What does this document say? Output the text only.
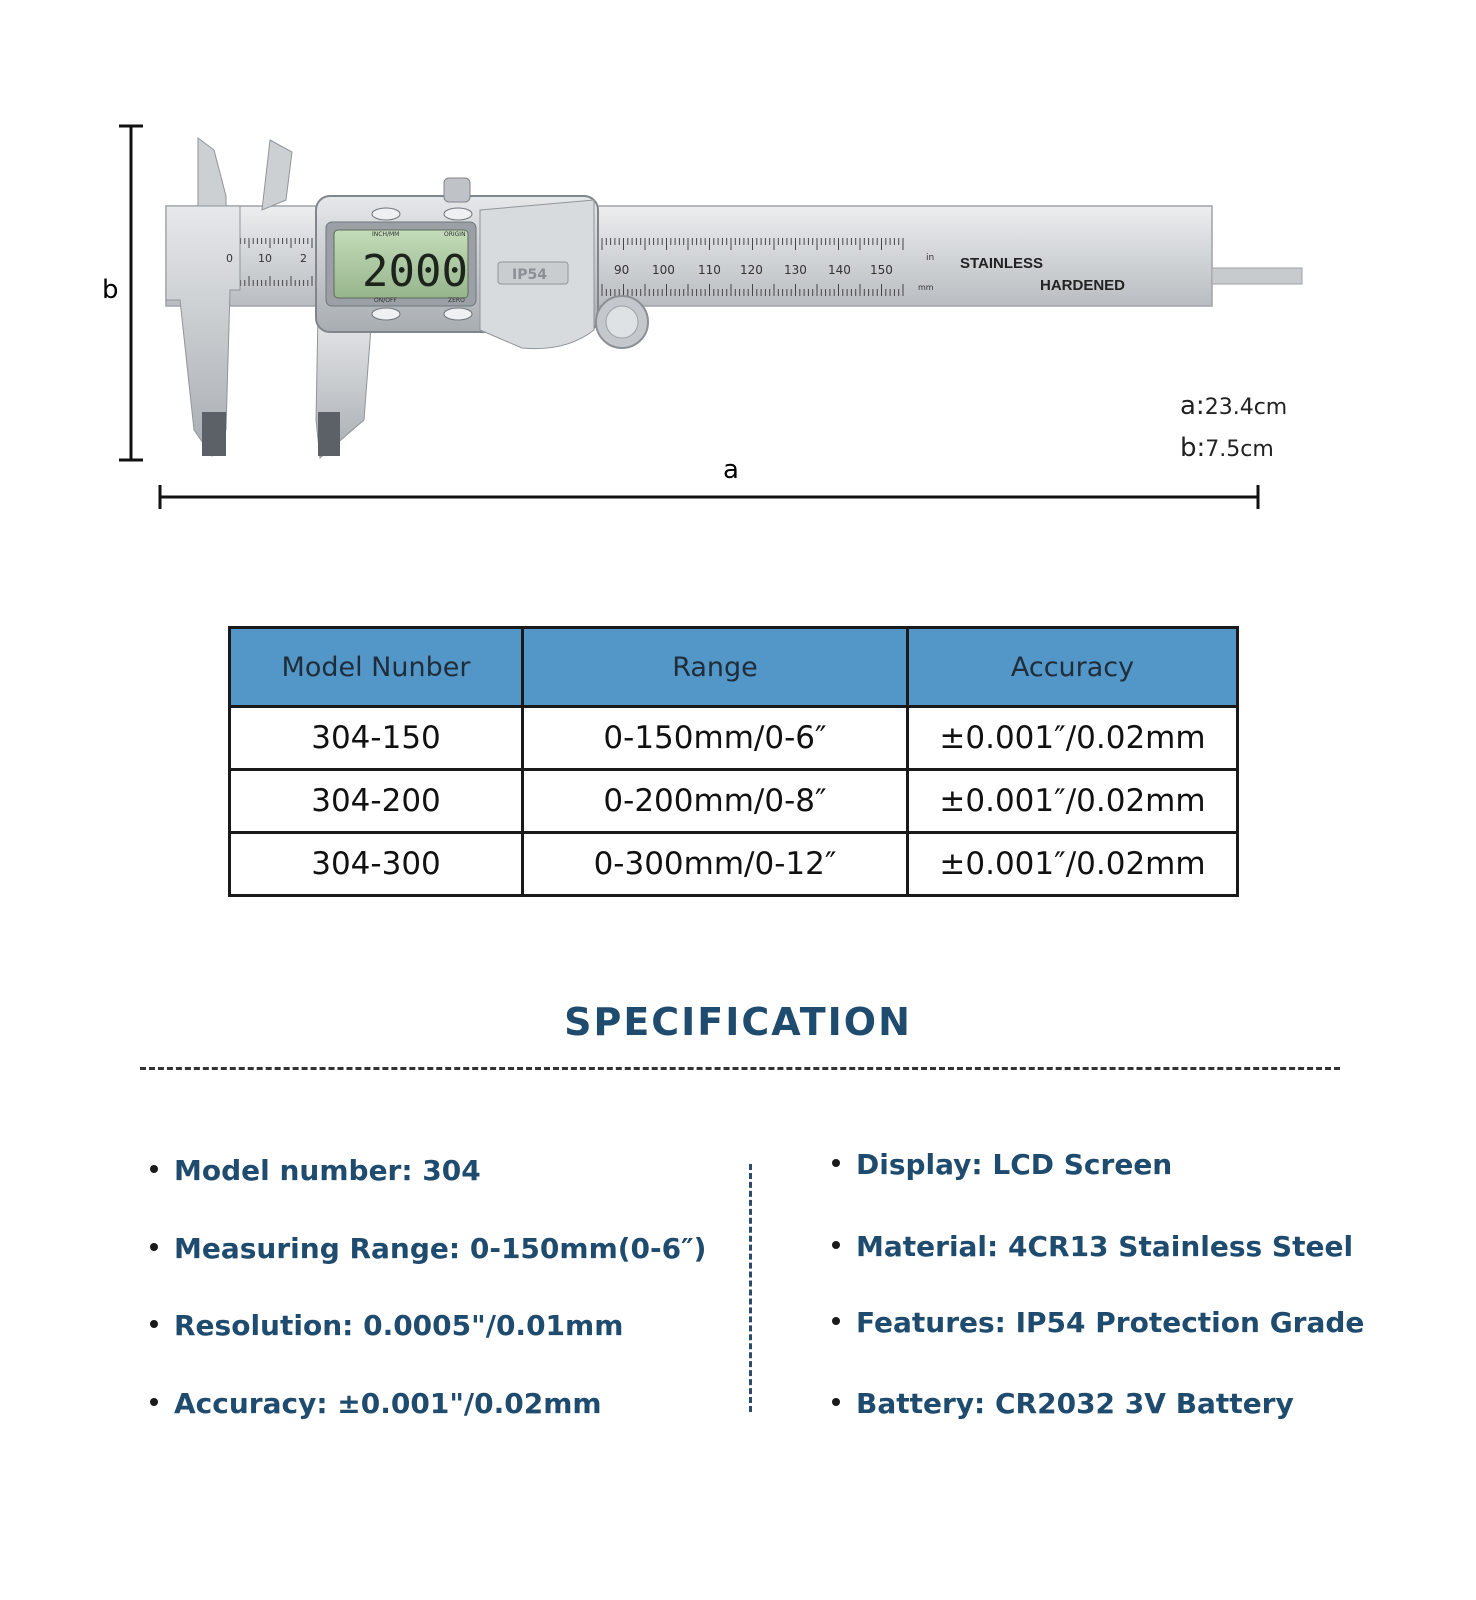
INCH/MM	ORIGIN
ON/OFF	ZERO
2000	IP54
STAINLESS
HARDENED
in
mm
90 100 110 120 130 140 150
0 10	2
b
a
a:23.4cm
b:7.5cm
Model Nunber	Range	Accuracy
304-150	0-150mm/0-6″	±0.001″/0.02mm
304-200	0-200mm/0-8″	±0.001″/0.02mm
304-300	0-300mm/0-12″	±0.001″/0.02mm
SPECIFICATION
Model number: 304
Measuring Range: 0-150mm(0-6″)
Resolution: 0.0005"/0.01mm
Accuracy: ±0.001"/0.02mm
Display: LCD Screen
Material: 4CR13 Stainless Steel
Features: IP54 Protection Grade
Battery: CR2032 3V Battery
